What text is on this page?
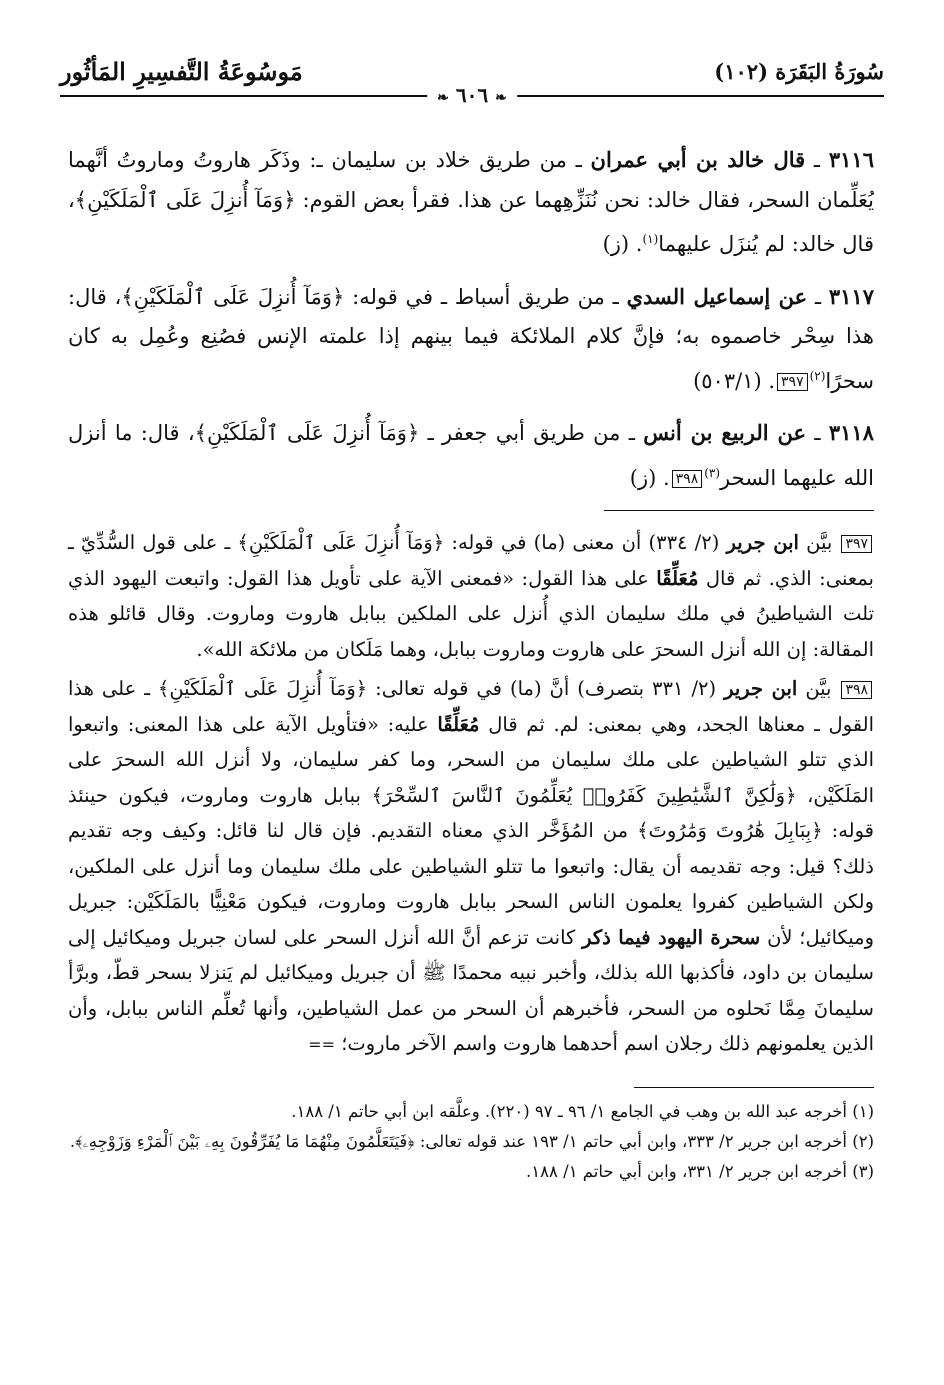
سُورَةُ البَقَرَة (١٠٢)
مَوسُوعَةُ التَّفسِيرِ المَأثُور
❧ ٦٠٦ ❧

٣١١٦ ـ قال خالد بن أبي عمران ـ من طريق خلاد بن سليمان ـ: وذَكَر هاروتُ وماروتُ أنَّهما يُعَلِّمان السحر، فقال خالد: نحن نُنَزِّهِهما عن هذا. فقرأ بعض القوم: ﴿وَمَآ أُنزِلَ عَلَى ٱلْمَلَكَيْنِ﴾، قال خالد: لم يُنزَل عليهما$^{(١)}$. (ز)

٣١١٧ ـ عن إسماعيل السدي ـ من طريق أسباط ـ في قوله: ﴿وَمَآ أُنزِلَ عَلَى ٱلْمَلَكَيْنِ﴾، قال: هذا سِحْر خاصموه به؛ فإنَّ كلام الملائكة فيما بينهم إذا علمته الإنس فصُنِع وعُمِل به كان سحرًا$^{(٢)}$٣٩٧. (٥٠٣/١)

٣١١٨ ـ عن الربيع بن أنس ـ من طريق أبي جعفر ـ ﴿وَمَآ أُنزِلَ عَلَى ٱلْمَلَكَيْنِ﴾، قال: ما أنزل الله عليهما السحر$^{(٣)}$٣٩٨. (ز)

٣٩٧ بيَّن ابن جرير (٢/ ٣٣٤) أن معنى (ما) في قوله: ﴿وَمَآ أُنزِلَ عَلَى ٱلْمَلَكَيْنِ﴾ ـ على قول السُّدِّيّ ـ بمعنى: الذي. ثم قال مُعَلِّقًا على هذا القول: «فمعنى الآية على تأويل هذا القول: واتبعت اليهود الذي تلت الشياطينُ في ملك سليمان الذي أُنزل على الملكين ببابل هاروت وماروت. وقال قائلو هذه المقالة: إن الله أنزل السحرَ على هاروت وماروت ببابل، وهما مَلَكان من ملائكة الله».

٣٩٨ بيَّن ابن جرير (٢/ ٣٣١ بتصرف) أنَّ (ما) في قوله تعالى: ﴿وَمَآ أُنزِلَ عَلَى ٱلْمَلَكَيْنِ﴾ ـ على هذا القول ـ معناها الجحد، وهي بمعنى: لم. ثم قال مُعَلِّقًا عليه: «فتأويل الآية على هذا المعنى: واتبعوا الذي تتلو الشياطين على ملك سليمان من السحر، وما كفر سليمان، ولا أنزل الله السحرَ على المَلَكَيْن، ﴿وَلَٰكِنَّ ٱلشَّيَٰطِينَ كَفَرُوا۟ يُعَلِّمُونَ ٱلنَّاسَ ٱلسِّحْرَ﴾ ببابل هاروت وماروت، فيكون حينئذ قوله: ﴿بِبَابِلَ هَٰرُوتَ وَمَٰرُوتَ﴾ من المُؤَخَّر الذي معناه التقديم. فإن قال لنا قائل: وكيف وجه تقديم ذلك؟ قيل: وجه تقديمه أن يقال: واتبعوا ما تتلو الشياطين على ملك سليمان وما أنزل على الملكين، ولكن الشياطين كفروا يعلمون الناس السحر ببابل هاروت وماروت، فيكون مَعْنِيًّا بالمَلَكَيْن: جبريل وميكائيل؛ لأن سحرة اليهود فيما ذكر كانت تزعم أنَّ الله أنزل السحر على لسان جبريل وميكائيل إلى سليمان بن داود، فأكذبها الله بذلك، وأخبر نبيه محمدًا ﷺ أن جبريل وميكائيل لم يَنزلا بسحر قطّ، وبرَّأ سليمانَ مِمَّا نَحلوه من السحر، فأخبرهم أن السحر من عمل الشياطين، وأنها تُعلِّم الناس ببابل، وأن الذين يعلمونهم ذلك رجلان اسم أحدهما هاروت واسم الآخر ماروت؛ ==

(١) أخرجه عبد الله بن وهب في الجامع ١/ ٩٦ ـ ٩٧ (٢٢٠). وعلَّقه ابن أبي حاتم ١/ ١٨٨.

(٢) أخرجه ابن جرير ٢/ ٣٣٣، وابن أبي حاتم ١/ ١٩٣ عند قوله تعالى: ﴿فَيَتَعَلَّمُونَ مِنْهُمَا مَا يُفَرِّقُونَ بِهِۦ بَيْنَ ٱلْمَرْءِ وَزَوْجِهِۦ﴾.

(٣) أخرجه ابن جرير ٢/ ٣٣١، وابن أبي حاتم ١/ ١٨٨.
